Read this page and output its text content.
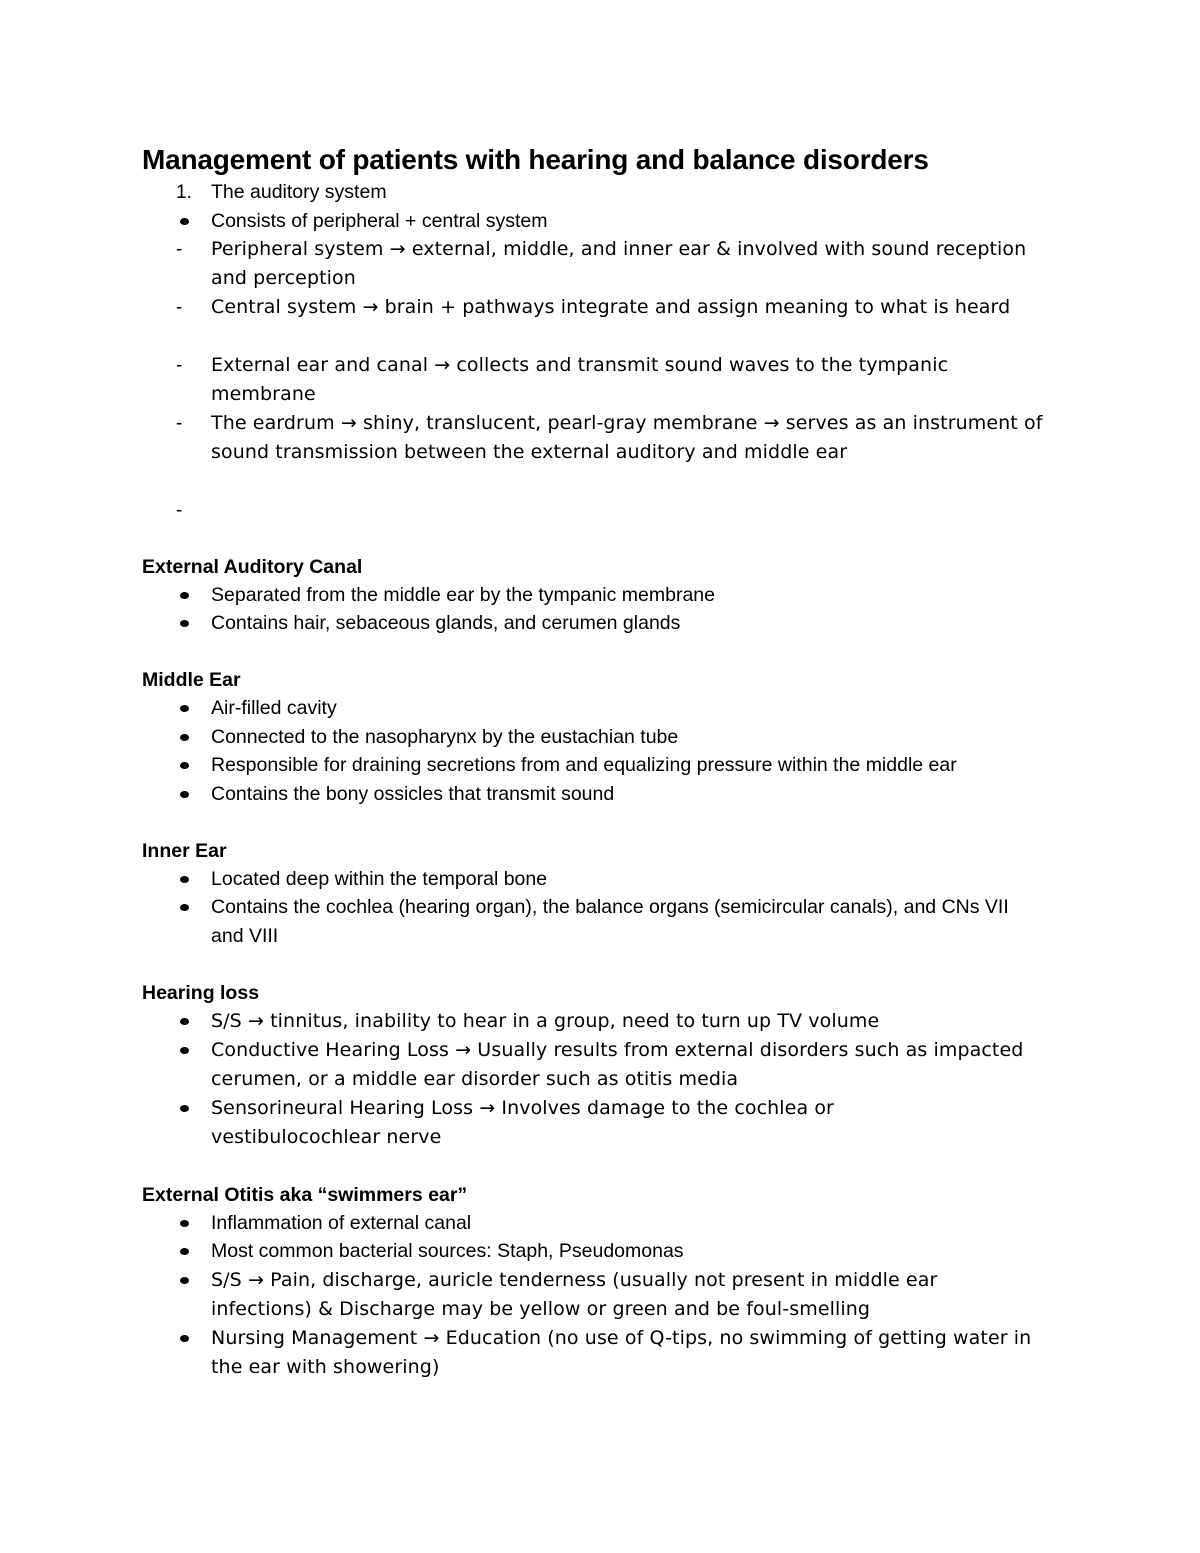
Management of patients with hearing and balance disorders
1. The auditory system
Consists of peripheral + central system
-	Peripheral system → external, middle, and inner ear & involved with sound reception and perception
-	Central system → brain + pathways integrate and assign meaning to what is heard
-	External ear and canal → collects and transmit sound waves to the tympanic membrane
-	The eardrum → shiny, translucent, pearl-gray membrane → serves as an instrument of sound transmission between the external auditory and middle ear
-
External Auditory Canal
Separated from the middle ear by the tympanic membrane
Contains hair, sebaceous glands, and cerumen glands
Middle Ear
Air-filled cavity
Connected to the nasopharynx by the eustachian tube
Responsible for draining secretions from and equalizing pressure within the middle ear
Contains the bony ossicles that transmit sound
Inner Ear
Located deep within the temporal bone
Contains the cochlea (hearing organ), the balance organs (semicircular canals), and CNs VII and VIII
Hearing loss
S/S → tinnitus, inability to hear in a group, need to turn up TV volume
Conductive Hearing Loss → Usually results from external disorders such as impacted cerumen, or a middle ear disorder such as otitis media
Sensorineural Hearing Loss → Involves damage to the cochlea or vestibulocochlear nerve
External Otitis aka “swimmers ear”
Inflammation of external canal
Most common bacterial sources: Staph, Pseudomonas
S/S → Pain, discharge, auricle tenderness (usually not present in middle ear infections) & Discharge may be yellow or green and be foul-smelling
Nursing Management → Education (no use of Q-tips, no swimming of getting water in the ear with showering)
